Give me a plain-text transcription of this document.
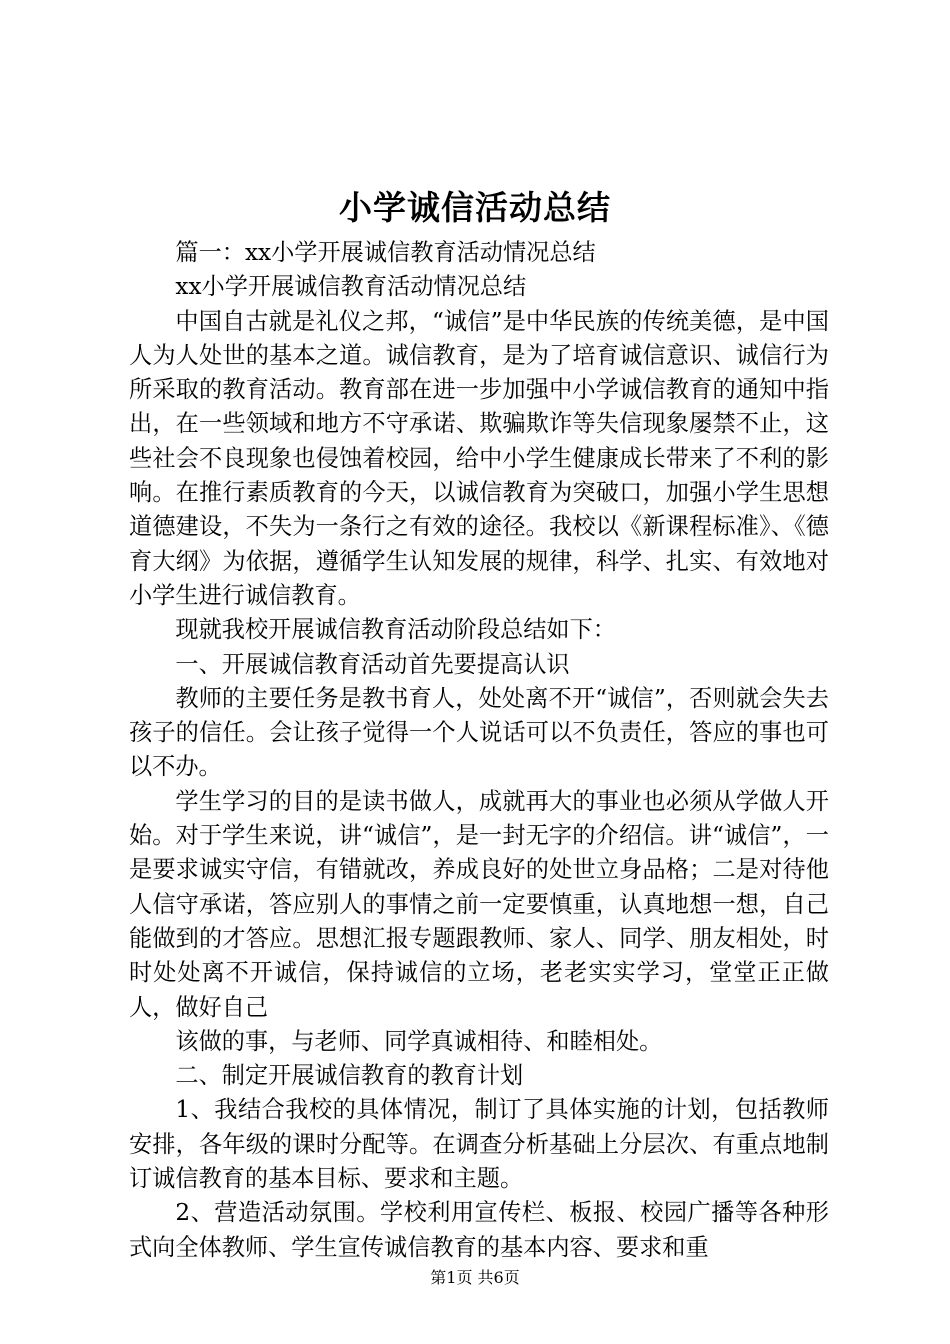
小学诚信活动总结

篇一：xx小学开展诚信教育活动情况总结

xx小学开展诚信教育活动情况总结

中国自古就是礼仪之邦，“诚信”是中华民族的传统美德，是中国人为人处世的基本之道。诚信教育，是为了培育诚信意识、诚信行为所采取的教育活动。教育部在进一步加强中小学诚信教育的通知中指出，在一些领域和地方不守承诺、欺骗欺诈等失信现象屡禁不止，这些社会不良现象也侵蚀着校园，给中小学生健康成长带来了不利的影响。在推行素质教育的今天，以诚信教育为突破口，加强小学生思想道德建设，不失为一条行之有效的途径。我校以《新课程标准》、《德育大纲》为依据，遵循学生认知发展的规律，科学、扎实、有效地对小学生进行诚信教育。

现就我校开展诚信教育活动阶段总结如下：

一、开展诚信教育活动首先要提高认识

教师的主要任务是教书育人，处处离不开“诚信”，否则就会失去孩子的信任。会让孩子觉得一个人说话可以不负责任，答应的事也可以不办。

学生学习的目的是读书做人，成就再大的事业也必须从学做人开始。对于学生来说，讲“诚信”，是一封无字的介绍信。讲“诚信”，一是要求诚实守信，有错就改，养成良好的处世立身品格；二是对待他人信守承诺，答应别人的事情之前一定要慎重，认真地想一想，自己能做到的才答应。思想汇报专题跟教师、家人、同学、朋友相处，时时处处离不开诚信，保持诚信的立场，老老实实学习，堂堂正正做人，做好自己

该做的事，与老师、同学真诚相待、和睦相处。

二、制定开展诚信教育的教育计划

1、我结合我校的具体情况，制订了具体实施的计划，包括教师安排，各年级的课时分配等。在调查分析基础上分层次、有重点地制订诚信教育的基本目标、要求和主题。

2、营造活动氛围。学校利用宣传栏、板报、校园广播等各种形式向全体教师、学生宣传诚信教育的基本内容、要求和重

第1页 共6页
